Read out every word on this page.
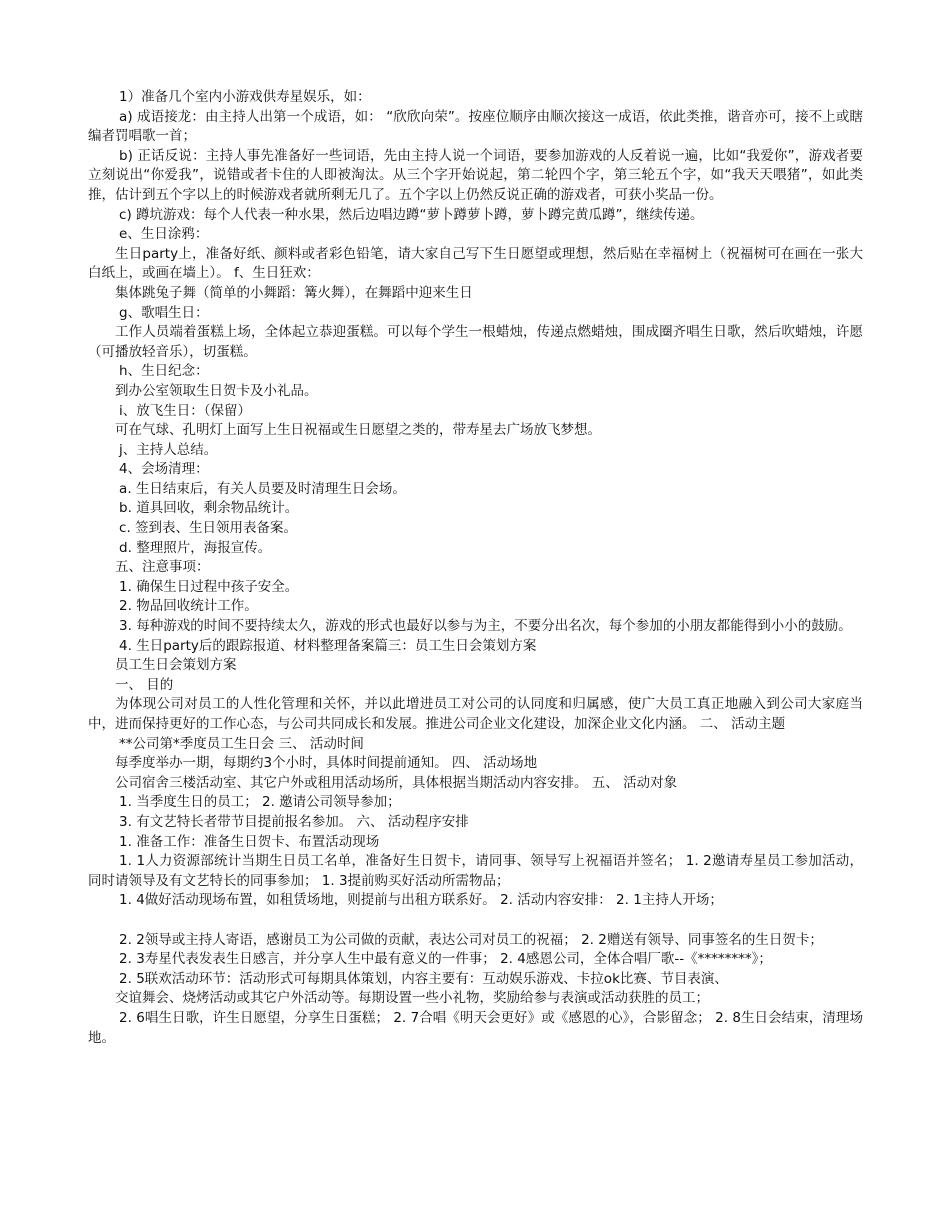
1）准备几个室内小游戏供寿星娱乐，如：

a) 成语接龙：由主持人出第一个成语，如： “欣欣向荣”。按座位顺序由顺次接这一成语，依此类推，谐音亦可，接不上或瞎编者罚唱歌一首；

b) 正话反说：主持人事先准备好一些词语，先由主持人说一个词语，要参加游戏的人反着说一遍，比如“我爱你”，游戏者要立刻说出“你爱我”，说错或者卡住的人即被淘汰。从三个字开始说起，第二轮四个字，第三轮五个字，如“我天天喂猪”，如此类推，估计到五个字以上的时候游戏者就所剩无几了。五个字以上仍然反说正确的游戏者，可获小奖品一份。

c) 蹲坑游戏：每个人代表一种水果，然后边唱边蹲“萝卜蹲萝卜蹲，萝卜蹲完黄瓜蹲”，继续传递。

e、生日涂鸦：

生日party上，准备好纸、颜料或者彩色铅笔，请大家自己写下生日愿望或理想，然后贴在幸福树上（祝福树可在画在一张大白纸上，或画在墙上）。 f、生日狂欢：

集体跳兔子舞（简单的小舞蹈：篝火舞），在舞蹈中迎来生日

g、歌唱生日：

工作人员端着蛋糕上场，全体起立恭迎蛋糕。可以每个学生一根蜡烛，传递点燃蜡烛，围成圈齐唱生日歌，然后吹蜡烛，许愿（可播放轻音乐），切蛋糕。

h、生日纪念：

到办公室领取生日贺卡及小礼品。

i、放飞生日：（保留）

可在气球、孔明灯上面写上生日祝福或生日愿望之类的，带寿星去广场放飞梦想。

j、主持人总结。

4、会场清理：

a. 生日结束后，有关人员要及时清理生日会场。

b. 道具回收，剩余物品统计。

c. 签到表、生日领用表备案。

d. 整理照片，海报宣传。

五、注意事项：

1. 确保生日过程中孩子安全。

2. 物品回收统计工作。

3. 每种游戏的时间不要持续太久，游戏的形式也最好以参与为主，不要分出名次，每个参加的小朋友都能得到小小的鼓励。

4. 生日party后的跟踪报道、材料整理备案篇三：员工生日会策划方案

员工生日会策划方案

一、 目的

为体现公司对员工的人性化管理和关怀，并以此增进员工对公司的认同度和归属感，使广大员工真正地融入到公司大家庭当中，进而保持更好的工作心态，与公司共同成长和发展。推进公司企业文化建设，加深企业文化内涵。 二、 活动主题

**公司第*季度员工生日会 三、 活动时间

每季度举办一期，每期约3个小时，具体时间提前通知。 四、 活动场地

公司宿舍三楼活动室、其它户外或租用活动场所，具体根据当期活动内容安排。 五、 活动对象

1. 当季度生日的员工； 2. 邀请公司领导参加；

3. 有文艺特长者带节目提前报名参加。 六、 活动程序安排

1. 准备工作：准备生日贺卡、布置活动现场

1. 1人力资源部统计当期生日员工名单，准备好生日贺卡，请同事、领导写上祝福语并签名； 1. 2邀请寿星员工参加活动，同时请领导及有文艺特长的同事参加； 1. 3提前购买好活动所需物品；

1. 4做好活动现场布置，如租赁场地，则提前与出租方联系好。 2. 活动内容安排： 2. 1主持人开场；

2. 2领导或主持人寄语，感谢员工为公司做的贡献，表达公司对员工的祝福； 2. 2赠送有领导、同事签名的生日贺卡；

2. 3寿星代表发表生日感言，并分享人生中最有意义的一件事； 2. 4感恩公司，全体合唱厂歌--《********》；

2. 5联欢活动环节：活动形式可每期具体策划，内容主要有：互动娱乐游戏、卡拉ok比赛、节目表演、

交谊舞会、烧烤活动或其它户外活动等。每期设置一些小礼物，奖励给参与表演或活动获胜的员工；

2. 6唱生日歌，许生日愿望，分享生日蛋糕； 2. 7合唱《明天会更好》或《感恩的心》，合影留念； 2. 8生日会结束，清理场地。
